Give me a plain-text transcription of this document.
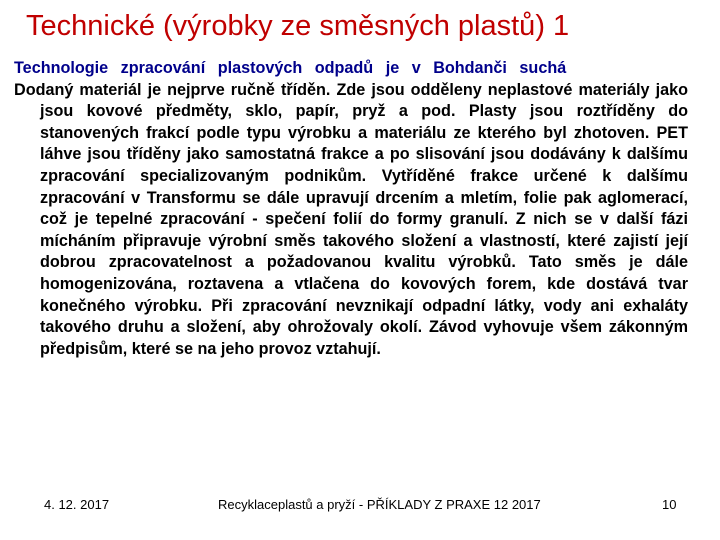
Technické (výrobky ze směsných plastů) 1

Technologie zpracování plastových odpadů je v Bohdanči suchá

Dodaný materiál je nejprve ručně tříděn. Zde jsou odděleny neplastové materiály jako jsou kovové předměty, sklo, papír, pryž a pod. Plasty jsou roztříděny do stanovených frakcí podle typu výrobku a materiálu ze kterého byl zhotoven. PET láhve jsou tříděny jako samostatná frakce a po slisování jsou dodávány k dalšímu zpracování specializovaným podnikům. Vytříděné frakce určené k dalšímu zpracování v Transformu se dále upravují drcením a mletím, folie pak aglomerací, což je tepelné zpracování - spečení folií do formy granulí. Z nich se v další fázi mícháním připravuje výrobní směs takového složení a vlastností, které zajistí její dobrou zpracovatelnost a požadovanou kvalitu výrobků. Tato směs je dále homogenizována, roztavena a vtlačena do kovových forem, kde dostává tvar konečného výrobku. Při zpracování nevznikají odpadní látky, vody ani exhaláty takového druhu a složení, aby ohrožovaly okolí. Závod vyhovuje všem zákonným předpisům, které se na jeho provoz vztahují.

4. 12. 2017	Recyklaceplastů a pryží - PŘÍKLADY Z PRAXE 12 2017	10
